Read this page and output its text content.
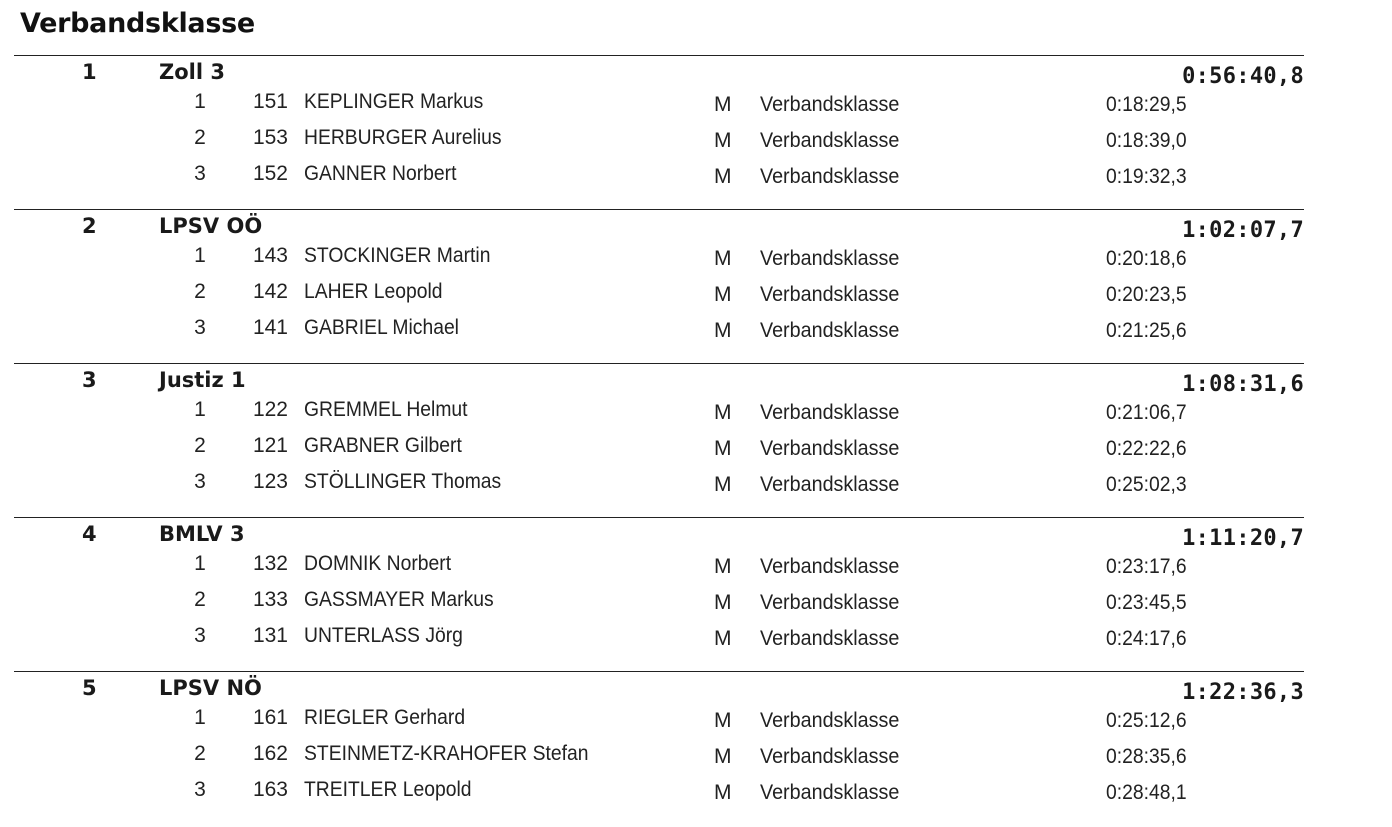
Verbandsklasse
1	Zoll 3	0:56:40,8
1 151 KEPLINGER Markus	M Verbandsklasse	0:18:29,5
2 153 HERBURGER Aurelius	M Verbandsklasse	0:18:39,0
3 152 GANNER Norbert	M Verbandsklasse	0:19:32,3
2	LPSV OÖ	1:02:07,7
1 143 STOCKINGER Martin	M Verbandsklasse	0:20:18,6
2 142 LAHER Leopold	M Verbandsklasse	0:20:23,5
3 141 GABRIEL Michael	M Verbandsklasse	0:21:25,6
3	Justiz 1	1:08:31,6
1 122 GREMMEL Helmut	M Verbandsklasse	0:21:06,7
2 121 GRABNER Gilbert	M Verbandsklasse	0:22:22,6
3 123 STÖLLINGER Thomas	M Verbandsklasse	0:25:02,3
4	BMLV 3	1:11:20,7
1 132 DOMNIK Norbert	M Verbandsklasse	0:23:17,6
2 133 GASSMAYER Markus	M Verbandsklasse	0:23:45,5
3 131 UNTERLASS Jörg	M Verbandsklasse	0:24:17,6
5	LPSV NÖ	1:22:36,3
1 161 RIEGLER Gerhard	M Verbandsklasse	0:25:12,6
2 162 STEINMETZ-KRAHOFER Stefan	M Verbandsklasse	0:28:35,6
3 163 TREITLER Leopold	M Verbandsklasse	0:28:48,1
